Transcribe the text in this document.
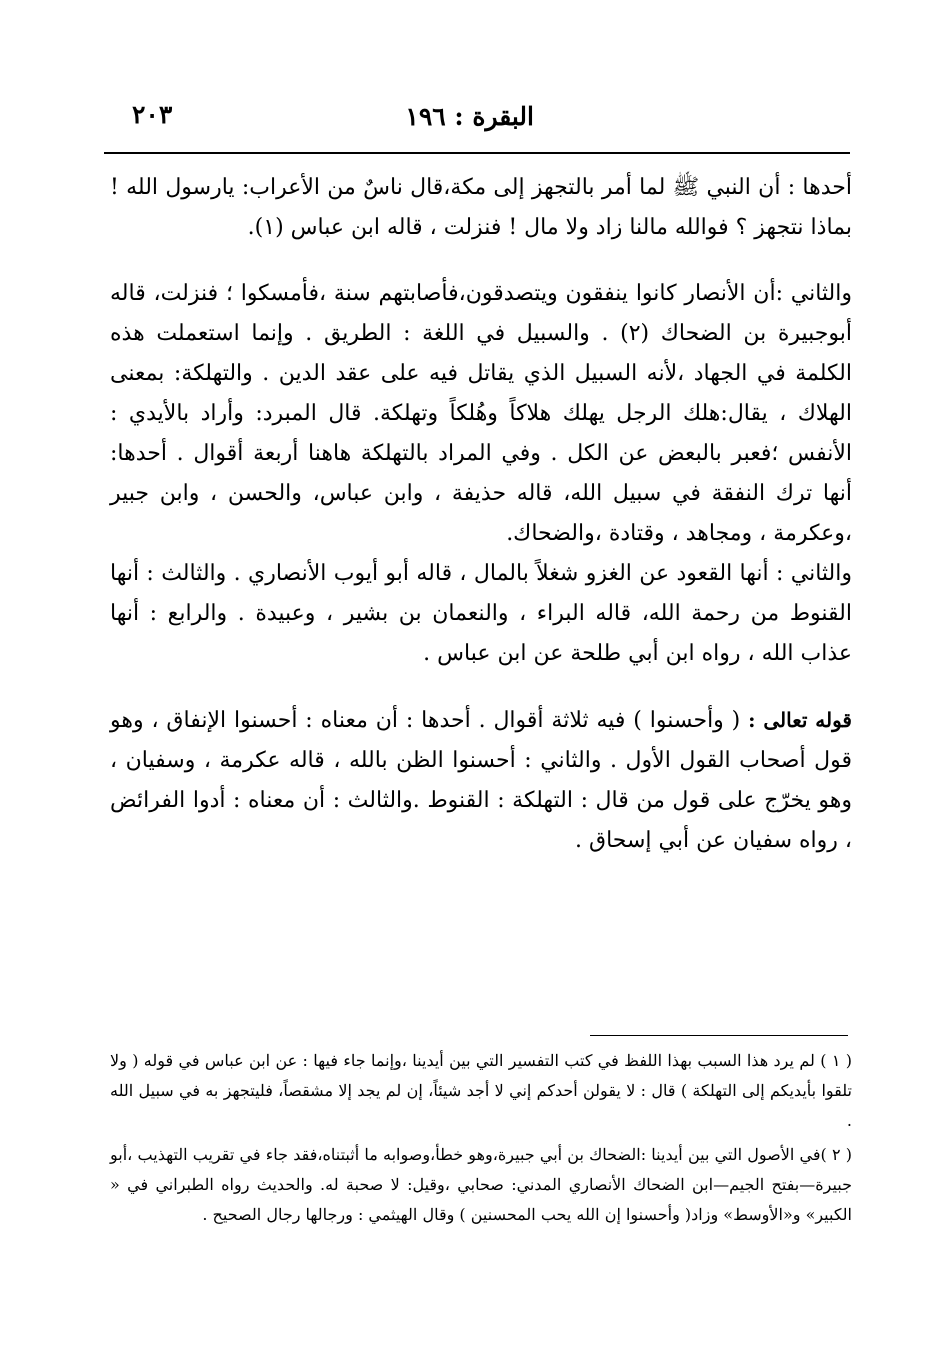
البقرة : ١٩٦
٢٠٣

أحدها : أن النبي ﷺ لما أمر بالتجهز إلى مكة،قال ناسٌ من الأعراب: يارسول الله ! بماذا نتجهز ؟ فوالله مالنا زاد ولا مال ! فنزلت ، قاله ابن عباس (١).

والثاني :أن الأنصار كانوا ينفقون ويتصدقون،فأصابتهم سنة ،فأمسكوا ؛ فنزلت، قاله أبوجبيرة بن الضحاك (٢) . والسبيل في اللغة : الطريق . وإنما استعملت هذه الكلمة في الجهاد ،لأنه السبيل الذي يقاتل فيه على عقد الدين . والتهلكة: بمعنى الهلاك ، يقال:هلك الرجل يهلك هلاكاً وهُلكاً وتهلكة. قال المبرد: وأراد بالأيدي : الأنفس ؛فعبر بالبعض عن الكل . وفي المراد بالتهلكة هاهنا أربعة أقوال . أحدها: أنها ترك النفقة في سبيل الله، قاله حذيفة ، وابن عباس، والحسن ، وابن جبير ،وعكرمة ، ومجاهد ، وقتادة ،والضحاك.

والثاني : أنها القعود عن الغزو شغلاً بالمال ، قاله أبو أيوب الأنصاري . والثالث : أنها القنوط من رحمة الله، قاله البراء ، والنعمان بن بشير ، وعبيدة . والرابع : أنها عذاب الله ، رواه ابن أبي طلحة عن ابن عباس .

قوله تعالى : ( وأحسنوا ) فيه ثلاثة أقوال . أحدها : أن معناه : أحسنوا الإنفاق ، وهو قول أصحاب القول الأول . والثاني : أحسنوا الظن بالله ، قاله عكرمة ، وسفيان ، وهو يخرّج على قول من قال : التهلكة : القنوط .والثالث : أن معناه : أدوا الفرائض ، رواه سفيان عن أبي إسحاق .

( ١ ) لم يرد هذا السبب بهذا اللفظ في كتب التفسير التي بين أيدينا ،وإنما جاء فيها : عن ابن عباس في قوله ( ولا تلقوا بأيديكم إلى التهلكة ) قال : لا يقولن أحدكم إني لا أجد شيئاً، إن لم يجد إلا مشقصاً، فليتجهز به في سبيل الله .

( ٢ )في الأصول التي بين أيدينا :الضحاك بن أبي جبيرة،وهو خطأ،وصوابه ما أثبتناه،فقد جاء في تقريب التهذيب ،أبو جبيرة—بفتح الجيم—ابن الضحاك الأنصاري المدني: صحابي ،وقيل: لا صحبة له. والحديث رواه الطبراني في « الكبير» و«الأوسط» وزاد( وأحسنوا إن الله يحب المحسنين ) وقال الهيثمي : ورجالها رجال الصحيح .
